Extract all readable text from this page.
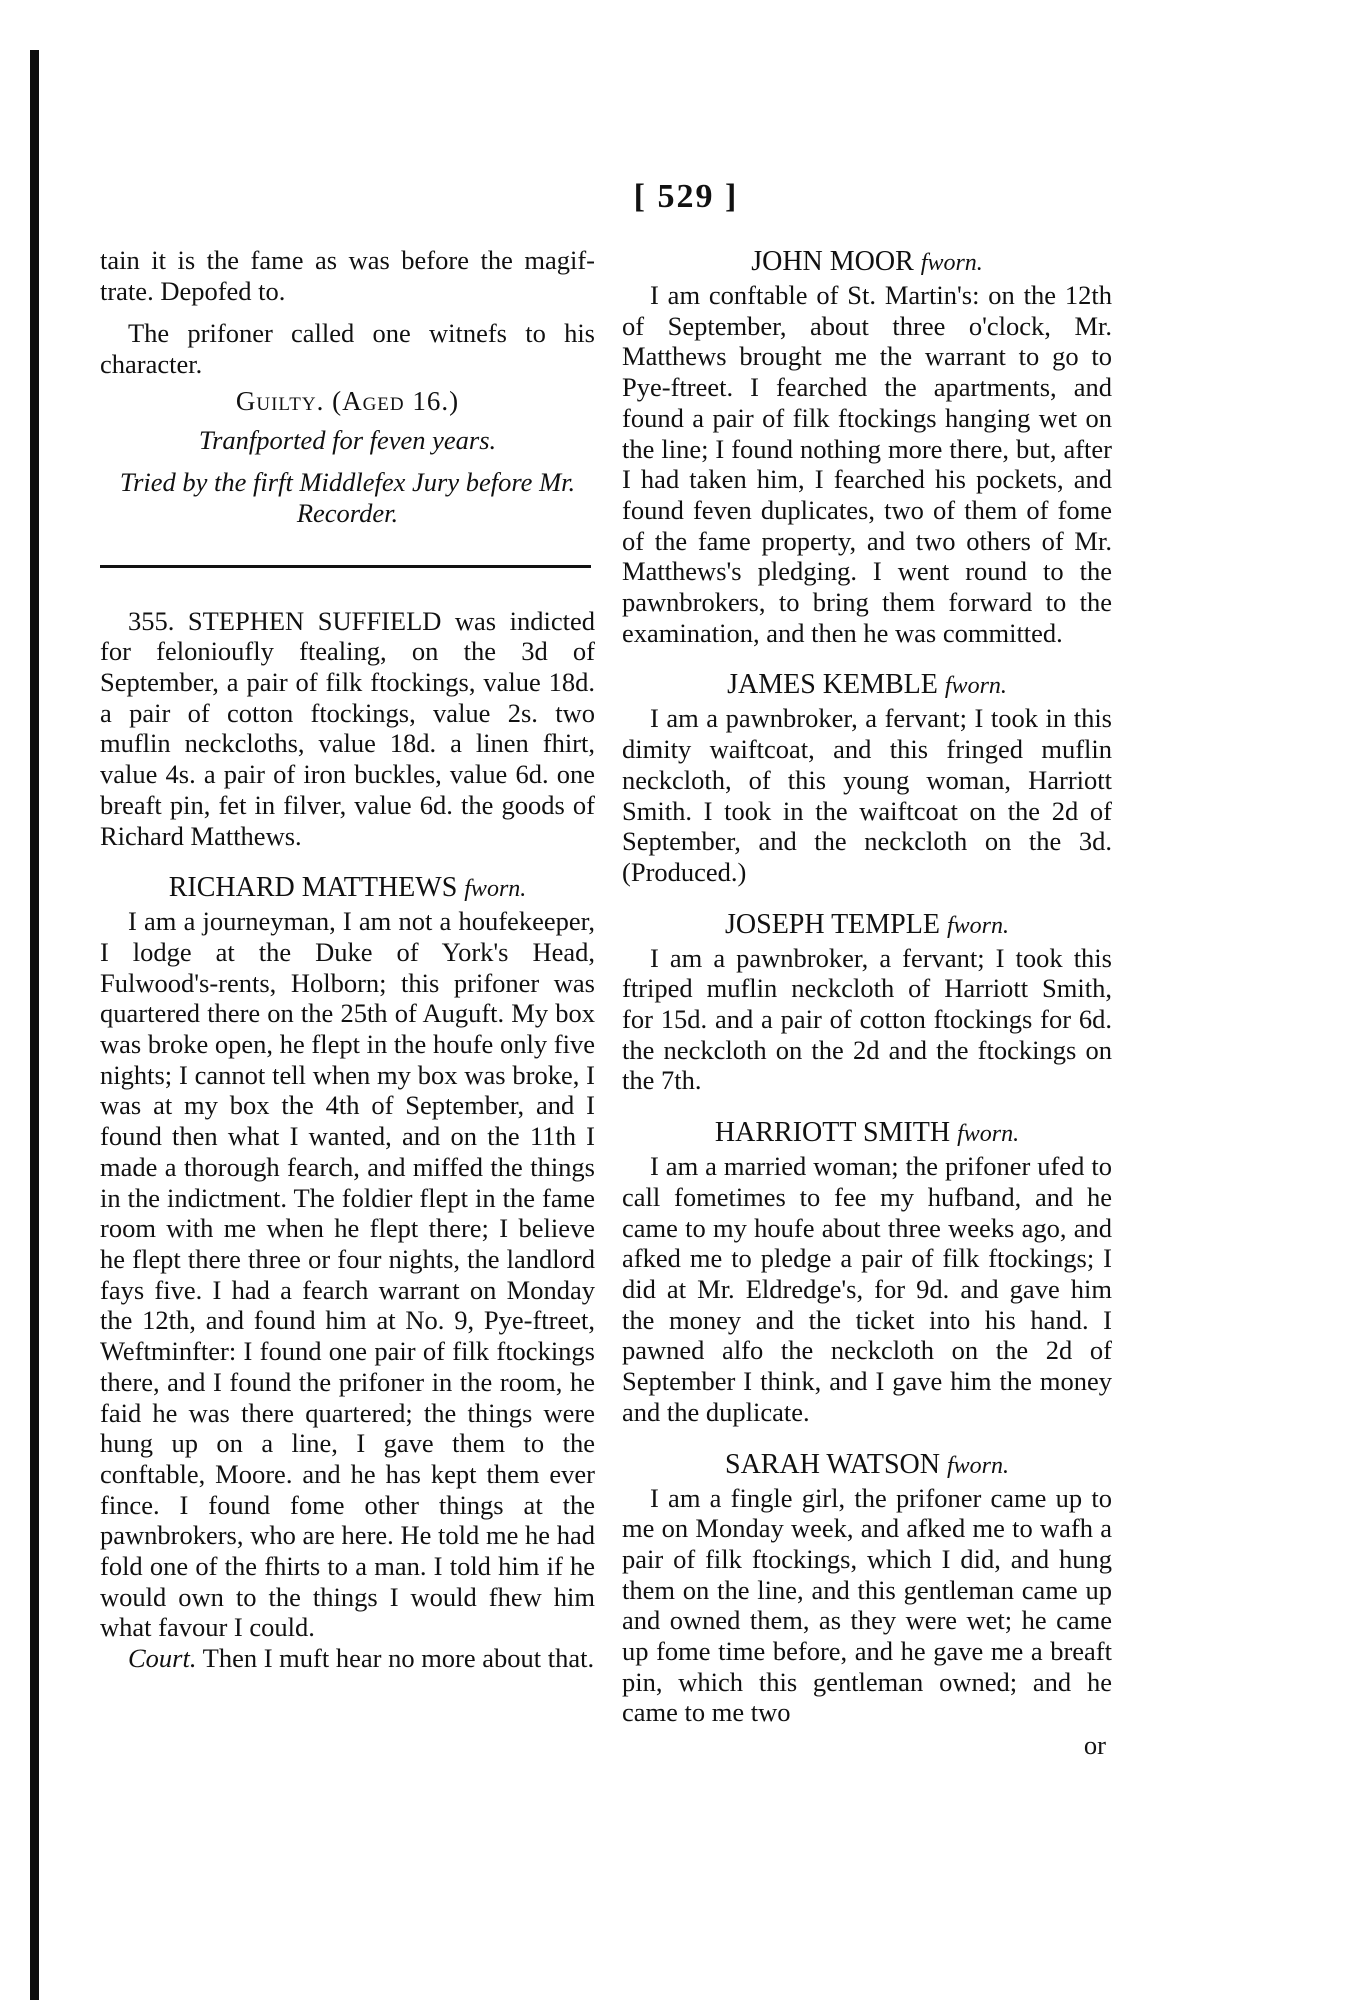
[ 529 ]

tain it is the fame as was before the magif-trate. Depofed to.

The prifoner called one witnefs to his character.

Guilty. (Aged 16.)

Tranfported for feven years.

Tried by the firft Middlefex Jury before Mr. Recorder.

355. STEPHEN SUFFIELD was indicted for felonioufly ftealing, on the 3d of September, a pair of filk ftockings, value 18d. a pair of cotton ftockings, value 2s. two muflin neckcloths, value 18d. a linen fhirt, value 4s. a pair of iron buckles, value 6d. one breaft pin, fet in filver, value 6d. the goods of Richard Matthews.

RICHARD MATTHEWS fworn.

I am a journeyman, I am not a houfekeeper, I lodge at the Duke of York's Head, Fulwood's-rents, Holborn; this prifoner was quartered there on the 25th of Auguft. My box was broke open, he flept in the houfe only five nights; I cannot tell when my box was broke, I was at my box the 4th of September, and I found then what I wanted, and on the 11th I made a thorough fearch, and miffed the things in the indictment. The foldier flept in the fame room with me when he flept there; I believe he flept there three or four nights, the landlord fays five. I had a fearch warrant on Monday the 12th, and found him at No. 9, Pye-ftreet, Weftminfter: I found one pair of filk ftockings there, and I found the prifoner in the room, he faid he was there quartered; the things were hung up on a line, I gave them to the conftable, Moore. and he has kept them ever fince. I found fome other things at the pawnbrokers, who are here. He told me he had fold one of the fhirts to a man. I told him if he would own to the things I would fhew him what favour I could.

Court. Then I muft hear no more about that.

JOHN MOOR fworn.

I am conftable of St. Martin's: on the 12th of September, about three o'clock, Mr. Matthews brought me the warrant to go to Pye-ftreet. I fearched the apartments, and found a pair of filk ftockings hanging wet on the line; I found nothing more there, but, after I had taken him, I fearched his pockets, and found feven duplicates, two of them of fome of the fame property, and two others of Mr. Matthews's pledging. I went round to the pawnbrokers, to bring them forward to the examination, and then he was committed.

JAMES KEMBLE fworn.

I am a pawnbroker, a fervant; I took in this dimity waiftcoat, and this fringed muflin neckcloth, of this young woman, Harriott Smith. I took in the waiftcoat on the 2d of September, and the neckcloth on the 3d. (Produced.)

JOSEPH TEMPLE fworn.

I am a pawnbroker, a fervant; I took this ftriped muflin neckcloth of Harriott Smith, for 15d. and a pair of cotton ftockings for 6d. the neckcloth on the 2d and the ftockings on the 7th.

HARRIOTT SMITH fworn.

I am a married woman; the prifoner ufed to call fometimes to fee my hufband, and he came to my houfe about three weeks ago, and afked me to pledge a pair of filk ftockings; I did at Mr. Eldredge's, for 9d. and gave him the money and the ticket into his hand. I pawned alfo the neckcloth on the 2d of September I think, and I gave him the money and the duplicate.

SARAH WATSON fworn.

I am a fingle girl, the prifoner came up to me on Monday week, and afked me to wafh a pair of filk ftockings, which I did, and hung them on the line, and this gentleman came up and owned them, as they were wet; he came up fome time before, and he gave me a breaft pin, which this gentleman owned; and he came to me two

or
